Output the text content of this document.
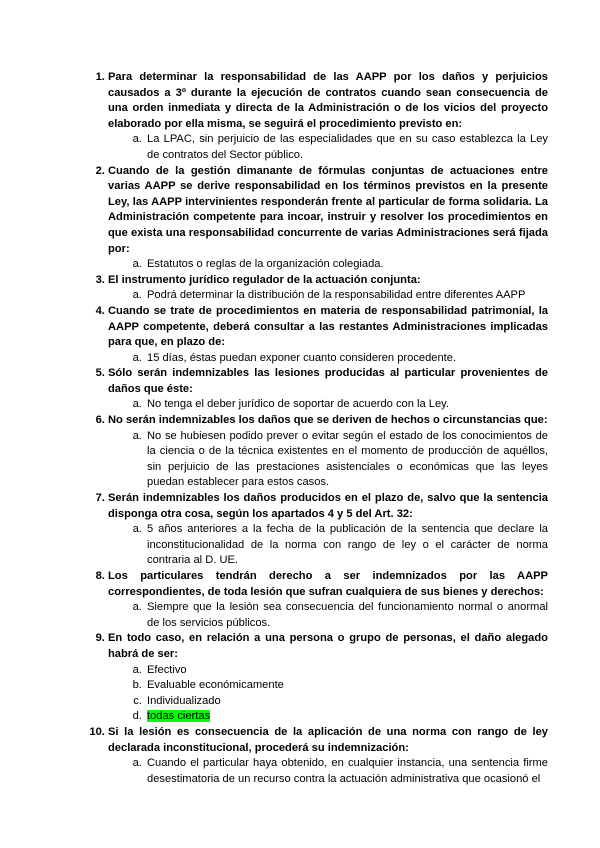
1. Para determinar la responsabilidad de las AAPP por los daños y perjuicios causados a 3º durante la ejecución de contratos cuando sean consecuencia de una orden inmediata y directa de la Administración o de los vicios del proyecto elaborado por ella misma, se seguirá el procedimiento previsto en:
a. La LPAC, sin perjuicio de las especialidades que en su caso establezca la Ley de contratos del Sector público.
2. Cuando de la gestión dimanante de fórmulas conjuntas de actuaciones entre varias AAPP se derive responsabilidad en los términos previstos en la presente Ley, las AAPP intervinientes responderán frente al particular de forma solidaria. La Administración competente para incoar, instruir y resolver los procedimientos en que exista una responsabilidad concurrente de varias Administraciones será fijada por:
a. Estatutos o reglas de la organización colegiada.
3. El instrumento jurídico regulador de la actuación conjunta:
a. Podrá determinar la distribución de la responsabilidad entre diferentes AAPP
4. Cuando se trate de procedimientos en materia de responsabilidad patrimonial, la AAPP competente, deberá consultar a las restantes Administraciones implicadas para que, en plazo de:
a. 15 días, éstas puedan exponer cuanto consideren procedente.
5. Sólo serán indemnizables las lesiones producidas al particular provenientes de daños que éste:
a. No tenga el deber jurídico de soportar de acuerdo con la Ley.
6. No serán indemnizables los daños que se deriven de hechos o circunstancias que:
a. No se hubiesen podido prever o evitar según el estado de los conocimientos de la ciencia o de la técnica existentes en el momento de producción de aquéllos, sin perjuicio de las prestaciones asistenciales o económicas que las leyes puedan establecer para estos casos.
7. Serán indemnizables los daños producidos en el plazo de, salvo que la sentencia disponga otra cosa, según los apartados 4 y 5 del Art. 32:
a. 5 años anteriores a la fecha de la publicación de la sentencia que declare la inconstitucionalidad de la norma con rango de ley o el carácter de norma contraria al D. UE.
8. Los particulares tendrán derecho a ser indemnizados por las AAPP correspondientes, de toda lesión que sufran cualquiera de sus bienes y derechos:
a. Siempre que la lesión sea consecuencia del funcionamiento normal o anormal de los servicios públicos.
9. En todo caso, en relación a una persona o grupo de personas, el daño alegado habrá de ser:
a. Efectivo
b. Evaluable económicamente
c. Individualizado
d. todas ciertas
10. Si la lesión es consecuencia de la aplicación de una norma con rango de ley declarada inconstitucional, procederá su indemnización:
a. Cuando el particular haya obtenido, en cualquier instancia, una sentencia firme desestimatoria de un recurso contra la actuación administrativa que ocasionó el
